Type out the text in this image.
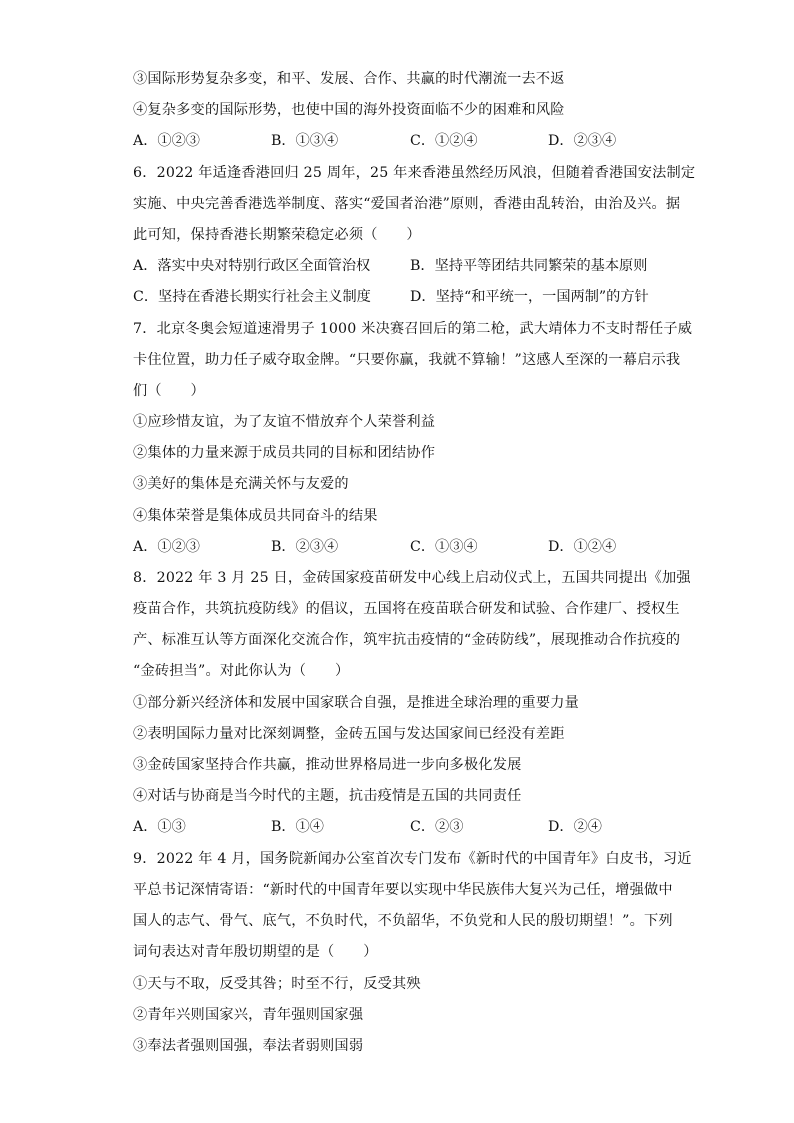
③国际形势复杂多变，和平、发展、合作、共赢的时代潮流一去不返
④复杂多变的国际形势，也使中国的海外投资面临不少的困难和风险
A．①②③	B．①③④	C．①②④	D．②③④
6．2022 年适逢香港回归 25 周年，25 年来香港虽然经历风浪，但随着香港国安法制定
实施、中央完善香港选举制度、落实“爱国者治港”原则，香港由乱转治，由治及兴。据
此可知，保持香港长期繁荣稳定必须（　　）
A．落实中央对特别行政区全面管治权	B．坚持平等团结共同繁荣的基本原则
C．坚持在香港长期实行社会主义制度	D．坚持“和平统一，一国两制”的方针
7．北京冬奥会短道速滑男子 1000 米决赛召回后的第二枪，武大靖体力不支时帮任子威
卡住位置，助力任子威夺取金牌。“只要你赢，我就不算输！”这感人至深的一幕启示我
们（　　）
①应珍惜友谊，为了友谊不惜放弃个人荣誉利益
②集体的力量来源于成员共同的目标和团结协作
③美好的集体是充满关怀与友爱的
④集体荣誉是集体成员共同奋斗的结果
A．①②③	B．②③④	C．①③④	D．①②④
8．2022 年 3 月 25 日，金砖国家疫苗研发中心线上启动仪式上，五国共同提出《加强
疫苗合作，共筑抗疫防线》的倡议，五国将在疫苗联合研发和试验、合作建厂、授权生
产、标准互认等方面深化交流合作，筑牢抗击疫情的“金砖防线”，展现推动合作抗疫的
“金砖担当”。对此你认为（　　）
①部分新兴经济体和发展中国家联合自强，是推进全球治理的重要力量
②表明国际力量对比深刻调整，金砖五国与发达国家间已经没有差距
③金砖国家坚持合作共赢，推动世界格局进一步向多极化发展
④对话与协商是当今时代的主题，抗击疫情是五国的共同责任
A．①③	B．①④	C．②③	D．②④
9．2022 年 4 月，国务院新闻办公室首次专门发布《新时代的中国青年》白皮书，习近
平总书记深情寄语：“新时代的中国青年要以实现中华民族伟大复兴为己任，增强做中
国人的志气、骨气、底气，不负时代，不负韶华，不负党和人民的殷切期望！”。下列
词句表达对青年殷切期望的是（　　）
①天与不取，反受其咎；时至不行，反受其殃
②青年兴则国家兴，青年强则国家强
③奉法者强则国强，奉法者弱则国弱
